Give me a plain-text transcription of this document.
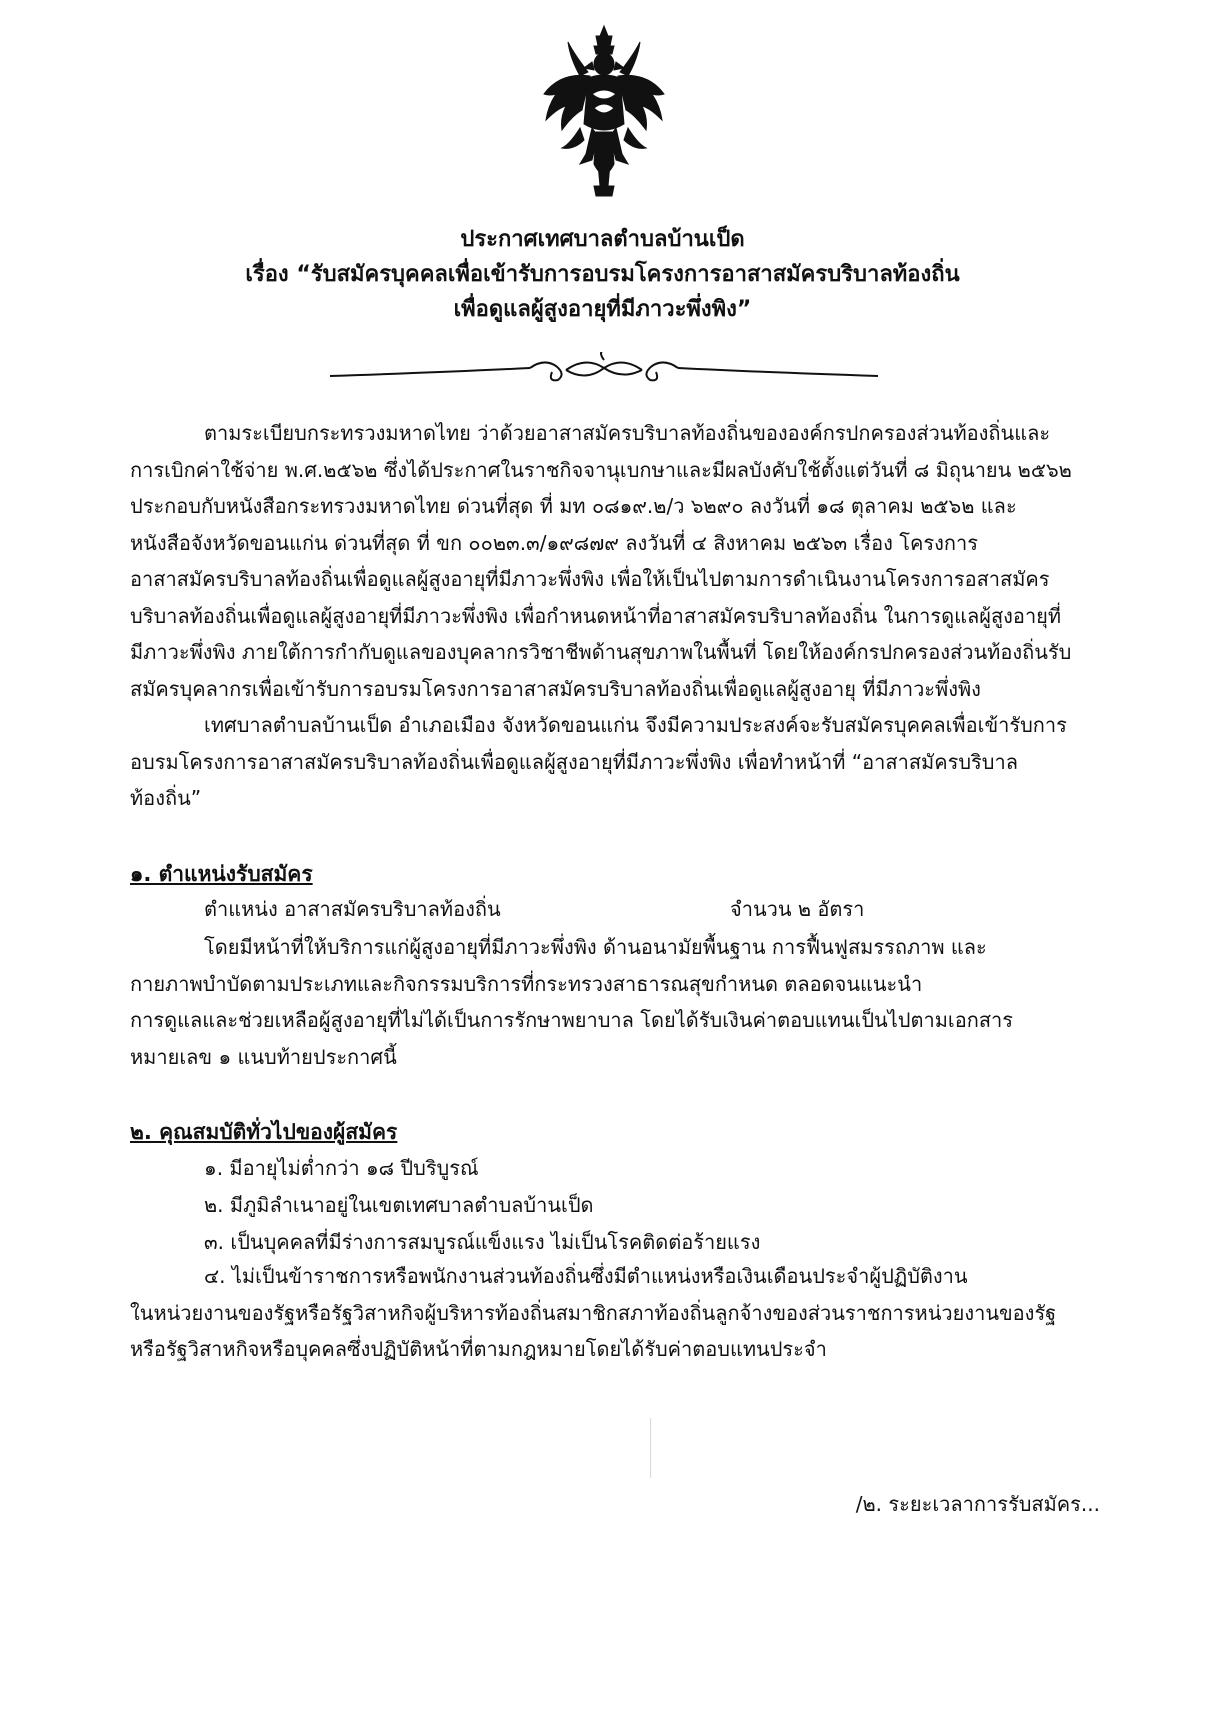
ประกาศเทศบาลตำบลบ้านเป็ด
เรื่อง “รับสมัครบุคคลเพื่อเข้ารับการอบรมโครงการอาสาสมัครบริบาลท้องถิ่น
เพื่อดูแลผู้สูงอายุที่มีภาวะพึ่งพิง”
ตามระเบียบกระทรวงมหาดไทย ว่าด้วยอาสาสมัครบริบาลท้องถิ่นขององค์กรปกครองส่วนท้องถิ่นและ
การเบิกค่าใช้จ่าย พ.ศ.๒๕๖๒ ซึ่งได้ประกาศในราชกิจจานุเบกษาและมีผลบังคับใช้ตั้งแต่วันที่ ๘ มิถุนายน ๒๕๖๒
ประกอบกับหนังสือกระทรวงมหาดไทย ด่วนที่สุด ที่ มท ๐๘๑๙.๒/ว ๖๒๙๐ ลงวันที่ ๑๘ ตุลาคม ๒๕๖๒ และ
หนังสือจังหวัดขอนแก่น ด่วนที่สุด ที่ ขก ๐๐๒๓.๓/๑๙๘๗๙ ลงวันที่ ๔ สิงหาคม ๒๕๖๓ เรื่อง โครงการ
อาสาสมัครบริบาลท้องถิ่นเพื่อดูแลผู้สูงอายุที่มีภาวะพึ่งพิง เพื่อให้เป็นไปตามการดำเนินงานโครงการอสาสมัคร
บริบาลท้องถิ่นเพื่อดูแลผู้สูงอายุที่มีภาวะพึ่งพิง เพื่อกำหนดหน้าที่อาสาสมัครบริบาลท้องถิ่น ในการดูแลผู้สูงอายุที่
มีภาวะพึ่งพิง ภายใต้การกำกับดูแลของบุคลากรวิชาชีพด้านสุขภาพในพื้นที่ โดยให้องค์กรปกครองส่วนท้องถิ่นรับ
สมัครบุคลากรเพื่อเข้ารับการอบรมโครงการอาสาสมัครบริบาลท้องถิ่นเพื่อดูแลผู้สูงอายุ ที่มีภาวะพึ่งพิง
เทศบาลตำบลบ้านเป็ด อำเภอเมือง จังหวัดขอนแก่น จึงมีความประสงค์จะรับสมัครบุคคลเพื่อเข้ารับการ
อบรมโครงการอาสาสมัครบริบาลท้องถิ่นเพื่อดูแลผู้สูงอายุที่มีภาวะพึ่งพิง เพื่อทำหน้าที่ “อาสาสมัครบริบาล
ท้องถิ่น”
๑. ตำแหน่งรับสมัคร
ตำแหน่ง อาสาสมัครบริบาลท้องถิ่น	จำนวน ๒ อัตรา
โดยมีหน้าที่ให้บริการแก่ผู้สูงอายุที่มีภาวะพึ่งพิง ด้านอนามัยพื้นฐาน การฟื้นฟูสมรรถภาพ และ
กายภาพบำบัดตามประเภทและกิจกรรมบริการที่กระทรวงสาธารณสุขกำหนด ตลอดจนแนะนำ
การดูแลและช่วยเหลือผู้สูงอายุที่ไม่ได้เป็นการรักษาพยาบาล โดยได้รับเงินค่าตอบแทนเป็นไปตามเอกสาร
หมายเลข ๑ แนบท้ายประกาศนี้
๒. คุณสมบัติทั่วไปของผู้สมัคร
๑. มีอายุไม่ต่ำกว่า ๑๘ ปีบริบูรณ์
๒. มีภูมิลำเนาอยู่ในเขตเทศบาลตำบลบ้านเป็ด
๓. เป็นบุคคลที่มีร่างการสมบูรณ์แข็งแรง ไม่เป็นโรคติดต่อร้ายแรง
๔. ไม่เป็นข้าราชการหรือพนักงานส่วนท้องถิ่นซึ่งมีตำแหน่งหรือเงินเดือนประจำผู้ปฏิบัติงาน
ในหน่วยงานของรัฐหรือรัฐวิสาหกิจผู้บริหารท้องถิ่นสมาชิกสภาท้องถิ่นลูกจ้างของส่วนราชการหน่วยงานของรัฐ
หรือรัฐวิสาหกิจหรือบุคคลซึ่งปฏิบัติหน้าที่ตามกฎหมายโดยได้รับค่าตอบแทนประจำ
/๒. ระยะเวลาการรับสมัคร...
